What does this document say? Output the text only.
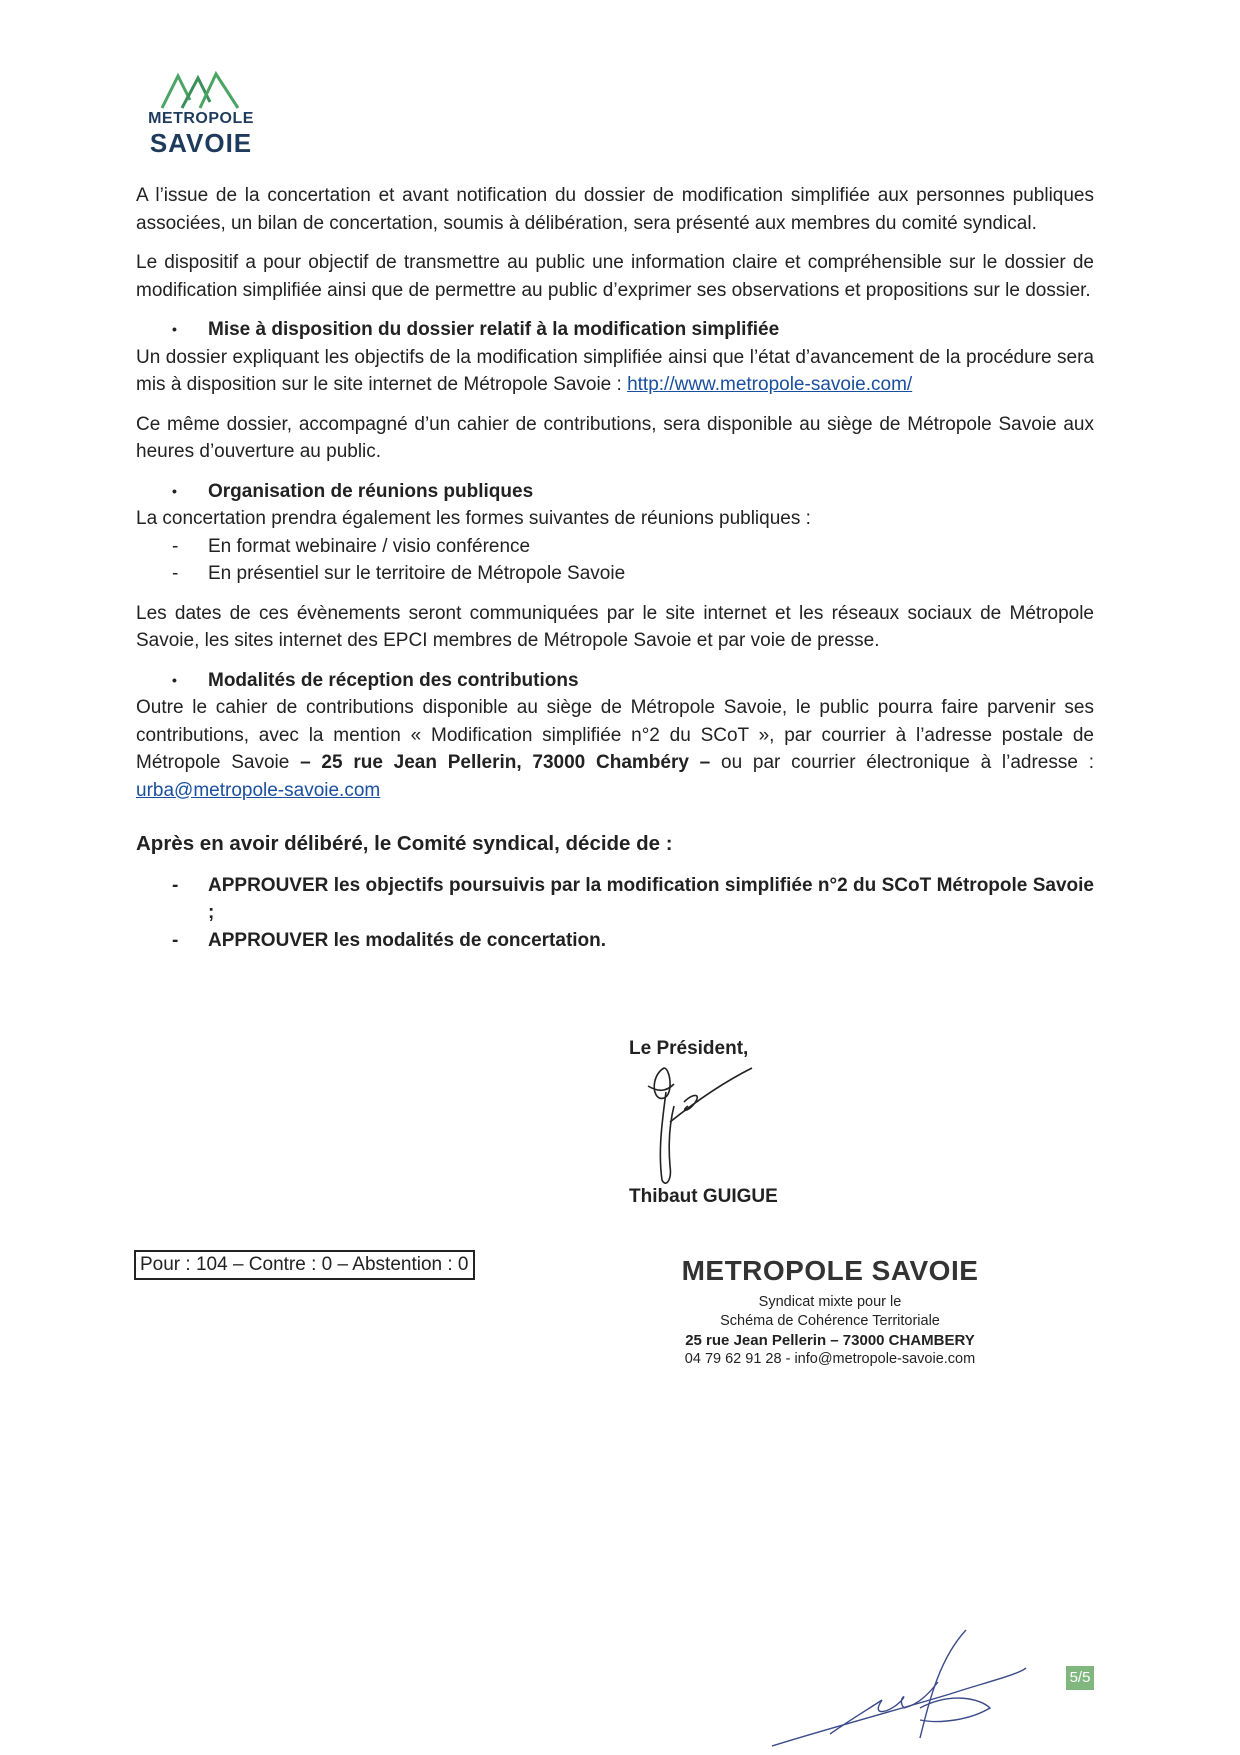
METROPOLE
SAVOIE

A l’issue de la concertation et avant notification du dossier de modification simplifiée aux personnes publiques associées, un bilan de concertation, soumis à délibération, sera présenté aux membres du comité syndical.

Le dispositif a pour objectif de transmettre au public une information claire et compréhensible sur le dossier de modification simplifiée ainsi que de permettre au public d’exprimer ses observations et propositions sur le dossier.

• Mise à disposition du dossier relatif à la modification simplifiée

Un dossier expliquant les objectifs de la modification simplifiée ainsi que l’état d’avancement de la procédure sera mis à disposition sur le site internet de Métropole Savoie : http://www.metropole-savoie.com/

Ce même dossier, accompagné d’un cahier de contributions, sera disponible au siège de Métropole Savoie aux heures d’ouverture au public.

• Organisation de réunions publiques
La concertation prendra également les formes suivantes de réunions publiques :
- En format webinaire / visio conférence
- En présentiel sur le territoire de Métropole Savoie

Les dates de ces évènements seront communiquées par le site internet et les réseaux sociaux de Métropole Savoie, les sites internet des EPCI membres de Métropole Savoie et par voie de presse.

• Modalités de réception des contributions

Outre le cahier de contributions disponible au siège de Métropole Savoie, le public pourra faire parvenir ses contributions, avec la mention « Modification simplifiée n°2 du SCoT », par courrier à l’adresse postale de Métropole Savoie – 25 rue Jean Pellerin, 73000 Chambéry – ou par courrier électronique à l’adresse : urba@metropole-savoie.com

Après en avoir délibéré, le Comité syndical, décide de :
- APPROUVER les objectifs poursuivis par la modification simplifiée n°2 du SCoT Métropole Savoie ;
- APPROUVER les modalités de concertation.
Le Président,
Thibaut GUIGUE
Pour : 104 – Contre : 0 – Abstention : 0	METROPOLE SAVOIE
Syndicat mixte pour le
Schéma de Cohérence Territoriale
25 rue Jean Pellerin – 73000 CHAMBERY
04 79 62 91 28 - info@metropole-savoie.com
5/5
